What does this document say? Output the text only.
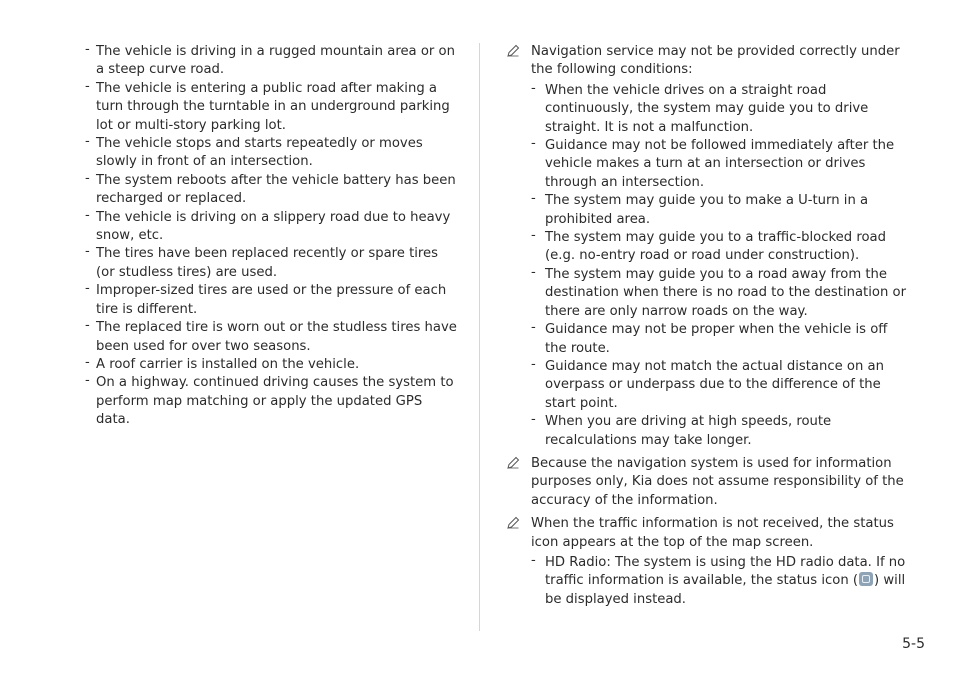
- The vehicle is driving in a rugged mountain area or on a steep curve road.
- The vehicle is entering a public road after making a turn through the turntable in an underground parking lot or multi-story parking lot.
- The vehicle stops and starts repeatedly or moves slowly in front of an intersection.
- The system reboots after the vehicle battery has been recharged or replaced.
- The vehicle is driving on a slippery road due to heavy snow, etc.
- The tires have been replaced recently or spare tires (or studless tires) are used.
- Improper-sized tires are used or the pressure of each tire is different.
- The replaced tire is worn out or the studless tires have been used for over two seasons.
- A roof carrier is installed on the vehicle.
- On a highway. continued driving causes the system to perform map matching or apply the updated GPS data.
Navigation service may not be provided correctly under the following conditions:
- When the vehicle drives on a straight road continuously, the system may guide you to drive straight. It is not a malfunction.
- Guidance may not be followed immediately after the vehicle makes a turn at an intersection or drives through an intersection.
- The system may guide you to make a U-turn in a prohibited area.
- The system may guide you to a traffic-blocked road (e.g. no-entry road or road under construction).
- The system may guide you to a road away from the destination when there is no road to the destination or there are only narrow roads on the way.
- Guidance may not be proper when the vehicle is off the route.
- Guidance may not match the actual distance on an overpass or underpass due to the difference of the start point.
- When you are driving at high speeds, route recalculations may take longer.
Because the navigation system is used for information purposes only, Kia does not assume responsibility of the accuracy of the information.
When the traffic information is not received, the status icon appears at the top of the map screen.
- HD Radio: The system is using the HD radio data. If no traffic information is available, the status icon ( ) will be displayed instead.
5-5
